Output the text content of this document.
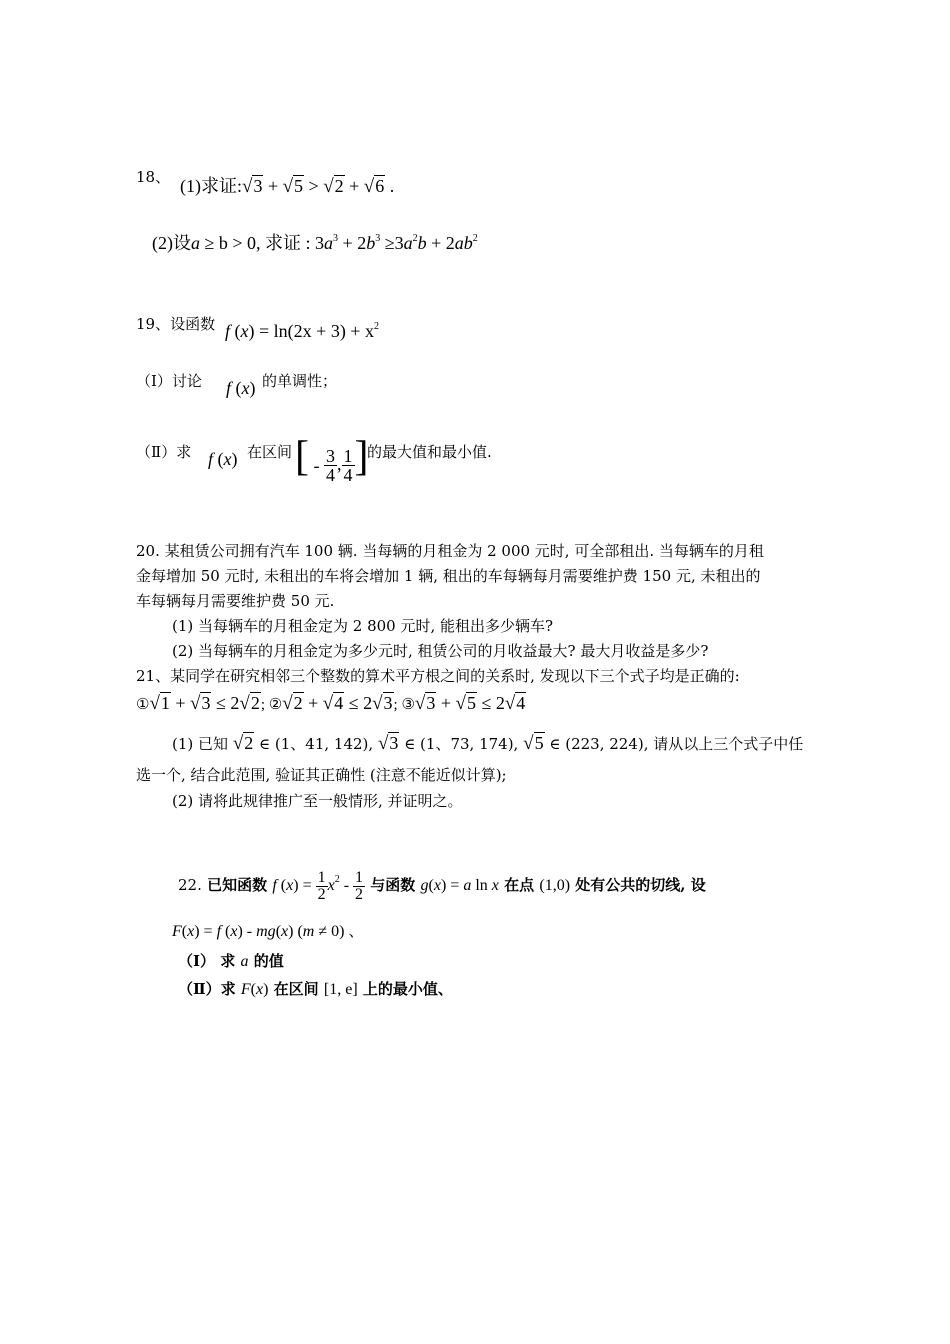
18、 (1)求证:√3 + √5 > √2 + √6 .
(2)设a ≥ b > 0, 求证 : $3a^3 + 2b^3 \ge 3a^2b + 2ab^2$
19、设函数 f $(x) = \ln(2x + 3) + x^2$
（Ⅰ）讨论 f (x) 的单调性；
（Ⅱ）求 f (x) 在区间 [ - $\frac{3}{4}$ , $\frac{1}{4}$ ]
的最大值和最小值.
20. 某租赁公司拥有汽车 100 辆. 当每辆的月租金为 2 000 元时, 可全部租出. 当每辆车的月租
金每增加 50 元时, 未租出的车将会增加 1 辆, 租出的车每辆每月需要维护费 150 元, 未租出的
车每辆每月需要维护费 50 元.
(1) 当每辆车的月租金定为 2 800 元时, 能租出多少辆车?
(2) 当每辆车的月租金定为多少元时, 租赁公司的月收益最大? 最大月收益是多少?
21、某同学在研究相邻三个整数的算术平方根之间的关系时, 发现以下三个式子均是正确的:
①√1 + √3 ≤ 2√2; ②√2 + √4 ≤ 2√3; ③√3 + √5 ≤ 2√4
(1) 已知 √2 ∈ (1、41, 142), √3 ∈ (1、73, 174), √5 ∈ (223, 224), 请从以上三个式子中任
选一个, 结合此范围, 验证其正确性 (注意不能近似计算);
(2) 请将此规律推广至一般情形, 并证明之。
22. 已知函数 f $(x) = \frac{1}{2} x^2 - \frac{1}{2}$ 与函数 g(x) = a ln x 在点 (1,0) 处有公共的切线, 设
F(x) = f (x) - mg(x) (m ≠ 0) 、
（Ⅰ） 求 a 的值
（Ⅱ）求 F(x) 在区间 [1, e] 上的最小值、
